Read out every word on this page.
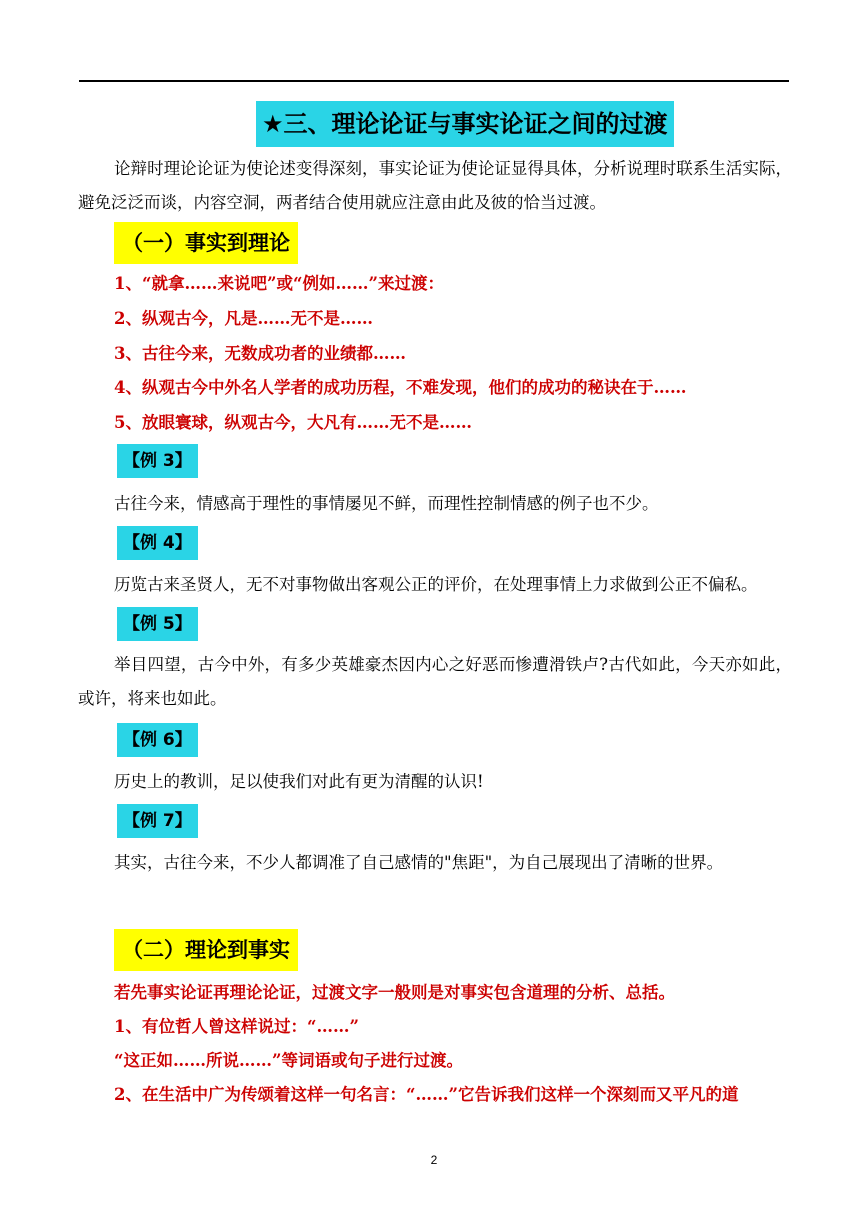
★三、理论论证与事实论证之间的过渡
论辩时理论论证为使论述变得深刻，事实论证为使论证显得具体，分析说理时联系生活实际，避免泛泛而谈，内容空洞，两者结合使用就应注意由此及彼的恰当过渡。
（一）事实到理论
1、“就拿……来说吧”或“例如……”来过渡：
2、纵观古今，凡是……无不是……
3、古往今来，无数成功者的业绩都……
4、纵观古今中外名人学者的成功历程，不难发现，他们的成功的秘诀在于……
5、放眼寰球，纵观古今，大凡有……无不是……
【例 3】
古往今来，情感高于理性的事情屡见不鲜，而理性控制情感的例子也不少。
【例 4】
历览古来圣贤人，无不对事物做出客观公正的评价，在处理事情上力求做到公正不偏私。
【例 5】
举目四望，古今中外，有多少英雄豪杰因内心之好恶而惨遭滑铁卢?古代如此，今天亦如此，或许，将来也如此。
【例 6】
历史上的教训，足以使我们对此有更为清醒的认识!
【例 7】
其实，古往今来，不少人都调准了自己感情的"焦距"，为自己展现出了清晰的世界。
（二）理论到事实
若先事实论证再理论论证，过渡文字一般则是对事实包含道理的分析、总括。
1、有位哲人曾这样说过：“……”
“这正如……所说……”等词语或句子进行过渡。
2、在生活中广为传颂着这样一句名言：“……”它告诉我们这样一个深刻而又平凡的道
2
